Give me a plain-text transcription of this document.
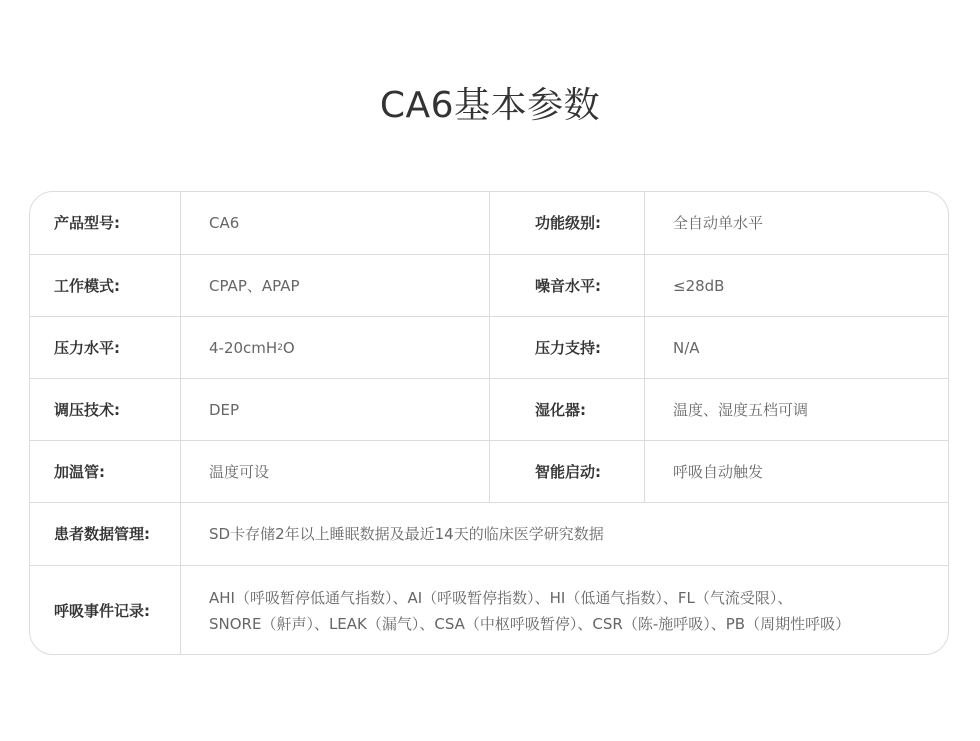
CA6基本参数
产品型号:	CA6	功能级别:	全自动单水平
工作模式:	CPAP、APAP	噪音水平:	≤28dB
压力水平:	4-20cmH 2 O	压力支持:	N/A
调压技术:	DEP	湿化器:	温度、湿度五档可调
加温管:	温度可设	智能启动:	呼吸自动触发
患者数据管理:	SD卡存储2年以上睡眠数据及最近14天的临床医学研究数据
呼吸事件记录:
AHI（呼吸暂停低通气指数）、AI（呼吸暂停指数）、HI（低通气指数）、FL（气流受限）、
SNORE（鼾声）、LEAK（漏气）、CSA（中枢呼吸暂停）、CSR（陈-施呼吸）、PB（周期性呼吸）
